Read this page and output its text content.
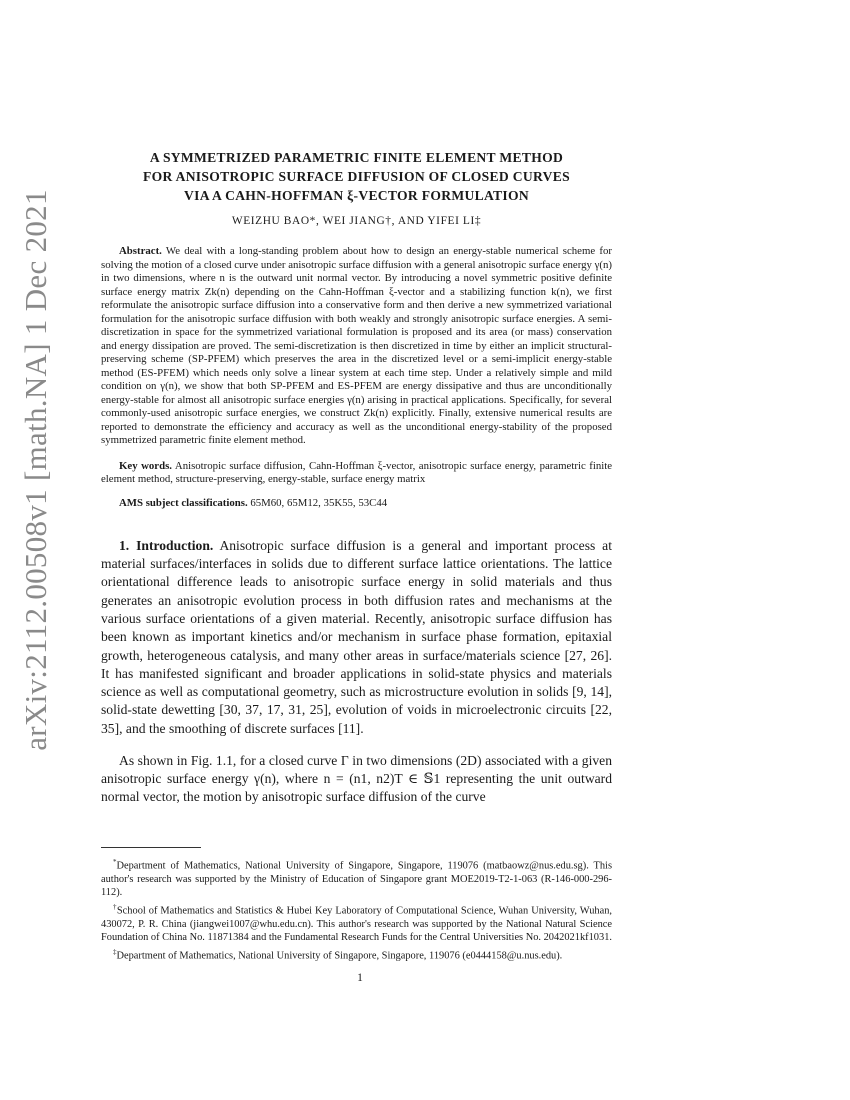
arXiv:2112.00508v1 [math.NA] 1 Dec 2021
A SYMMETRIZED PARAMETRIC FINITE ELEMENT METHOD
FOR ANISOTROPIC SURFACE DIFFUSION OF CLOSED CURVES
VIA A CAHN-HOFFMAN ξ-VECTOR FORMULATION
WEIZHU BAO*, WEI JIANG†, AND YIFEI LI‡

Abstract. We deal with a long-standing problem about how to design an energy-stable numerical scheme for solving the motion of a closed curve under anisotropic surface diffusion with a general anisotropic surface energy γ(n) in two dimensions, where n is the outward unit normal vector. By introducing a novel symmetric positive definite surface energy matrix Zk(n) depending on the Cahn-Hoffman ξ-vector and a stabilizing function k(n), we first reformulate the anisotropic surface diffusion into a conservative form and then derive a new symmetrized variational formulation for the anisotropic surface diffusion with both weakly and strongly anisotropic surface energies. A semi-discretization in space for the symmetrized variational formulation is proposed and its area (or mass) conservation and energy dissipation are proved. The semi-discretization is then discretized in time by either an implicit structural-preserving scheme (SP-PFEM) which preserves the area in the discretized level or a semi-implicit energy-stable method (ES-PFEM) which needs only solve a linear system at each time step. Under a relatively simple and mild condition on γ(n), we show that both SP-PFEM and ES-PFEM are energy dissipative and thus are unconditionally energy-stable for almost all anisotropic surface energies γ(n) arising in practical applications. Specifically, for several commonly-used anisotropic surface energies, we construct Zk(n) explicitly. Finally, extensive numerical results are reported to demonstrate the efficiency and accuracy as well as the unconditional energy-stability of the proposed symmetrized parametric finite element method.

Key words. Anisotropic surface diffusion, Cahn-Hoffman ξ-vector, anisotropic surface energy, parametric finite element method, structure-preserving, energy-stable, surface energy matrix

AMS subject classifications. 65M60, 65M12, 35K55, 53C44

1. Introduction. Anisotropic surface diffusion is a general and important process at material surfaces/interfaces in solids due to different surface lattice orientations. The lattice orientational difference leads to anisotropic surface energy in solid materials and thus generates an anisotropic evolution process in both diffusion rates and mechanisms at the various surface orientations of a given material. Recently, anisotropic surface diffusion has been known as important kinetics and/or mechanism in surface phase formation, epitaxial growth, heterogeneous catalysis, and many other areas in surface/materials science [27, 26]. It has manifested significant and broader applications in solid-state physics and materials science as well as computational geometry, such as microstructure evolution in solids [9, 14], solid-state dewetting [30, 37, 17, 31, 25], evolution of voids in microelectronic circuits [22, 35], and the smoothing of discrete surfaces [11].

As shown in Fig. 1.1, for a closed curve Γ in two dimensions (2D) associated with a given anisotropic surface energy γ(n), where n = (n1, n2)T ∈ 𝕊1 representing the unit outward normal vector, the motion by anisotropic surface diffusion of the curve

*Department of Mathematics, National University of Singapore, Singapore, 119076 (matbaowz@nus.edu.sg). This author's research was supported by the Ministry of Education of Singapore grant MOE2019-T2-1-063 (R-146-000-296-112).

†School of Mathematics and Statistics & Hubei Key Laboratory of Computational Science, Wuhan University, Wuhan, 430072, P. R. China (jiangwei1007@whu.edu.cn). This author's research was supported by the National Natural Science Foundation of China No. 11871384 and the Fundamental Research Funds for the Central Universities No. 2042021kf1031.

‡Department of Mathematics, National University of Singapore, Singapore, 119076 (e0444158@u.nus.edu).

1
